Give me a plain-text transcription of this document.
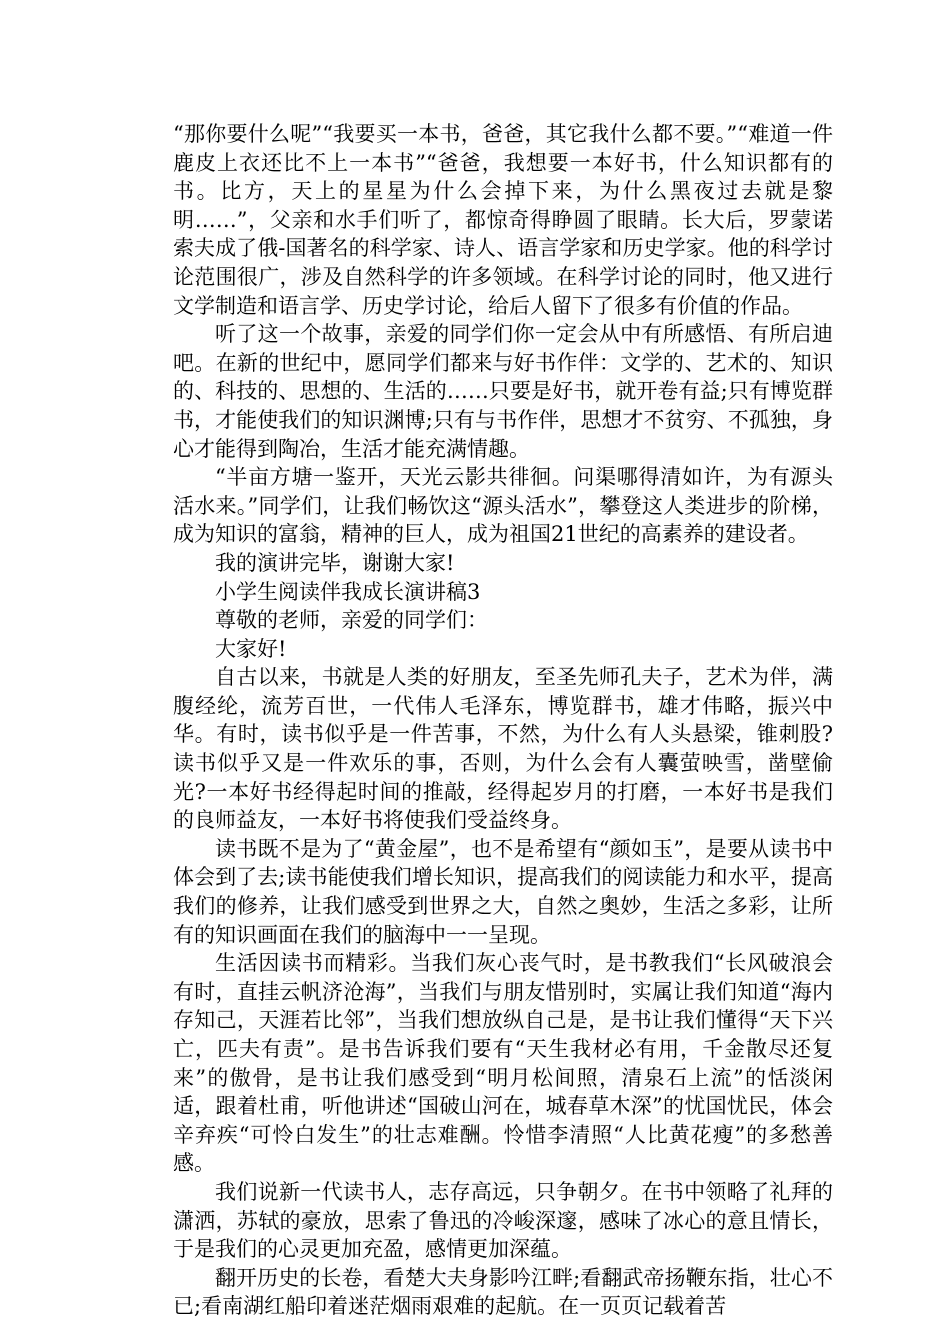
“那你要什么呢”“我要买一本书，爸爸，其它我什么都不要。”“难道一件鹿皮上衣还比不上一本书”“爸爸，我想要一本好书，什么知识都有的书。比方，天上的星星为什么会掉下来，为什么黑夜过去就是黎明……”，父亲和水手们听了，都惊奇得睁圆了眼睛。长大后，罗蒙诺索夫成了俄-国著名的科学家、诗人、语言学家和历史学家。他的科学讨论范围很广，涉及自然科学的许多领域。在科学讨论的同时，他又进行文学制造和语言学、历史学讨论，给后人留下了很多有价值的作品。

听了这一个故事，亲爱的同学们你一定会从中有所感悟、有所启迪吧。在新的世纪中，愿同学们都来与好书作伴：文学的、艺术的、知识的、科技的、思想的、生活的……只要是好书，就开卷有益;只有博览群书，才能使我们的知识渊博;只有与书作伴，思想才不贫穷、不孤独，身心才能得到陶冶，生活才能充满情趣。

“半亩方塘一鉴开，天光云影共徘徊。问渠哪得清如许，为有源头活水来。”同学们，让我们畅饮这“源头活水”，攀登这人类进步的阶梯，成为知识的富翁，精神的巨人，成为祖国21世纪的高素养的建设者。

我的演讲完毕，谢谢大家!

小学生阅读伴我成长演讲稿3

尊敬的老师，亲爱的同学们：

大家好!

自古以来，书就是人类的好朋友，至圣先师孔夫子，艺术为伴，满腹经纶，流芳百世，一代伟人毛泽东，博览群书，雄才伟略，振兴中华。有时，读书似乎是一件苦事，不然，为什么有人头悬梁，锥刺股?读书似乎又是一件欢乐的事，否则，为什么会有人囊萤映雪，凿壁偷光?一本好书经得起时间的推敲，经得起岁月的打磨，一本好书是我们的良师益友，一本好书将使我们受益终身。

读书既不是为了“黄金屋”，也不是希望有“颜如玉”，是要从读书中体会到了去;读书能使我们增长知识，提高我们的阅读能力和水平，提高我们的修养，让我们感受到世界之大，自然之奥妙，生活之多彩，让所有的知识画面在我们的脑海中一一呈现。

生活因读书而精彩。当我们灰心丧气时，是书教我们“长风破浪会有时，直挂云帆济沧海”，当我们与朋友惜别时，实属让我们知道“海内存知己，天涯若比邻”，当我们想放纵自己是，是书让我们懂得“天下兴亡，匹夫有责”。是书告诉我们要有“天生我材必有用，千金散尽还复来”的傲骨，是书让我们感受到“明月松间照，清泉石上流”的恬淡闲适，跟着杜甫，听他讲述“国破山河在，城春草木深”的忧国忧民，体会辛弃疾“可怜白发生”的壮志难酬。怜惜李清照“人比黄花瘦”的多愁善感。

我们说新一代读书人，志存高远，只争朝夕。在书中领略了礼拜的潇洒，苏轼的豪放，思索了鲁迅的冷峻深邃，感味了冰心的意且情长，于是我们的心灵更加充盈，感情更加深蕴。

翻开历史的长卷，看楚大夫身影吟江畔;看翻武帝扬鞭东指，壮心不已;看南湖红船印着迷茫烟雨艰难的起航。在一页页记载着苦
